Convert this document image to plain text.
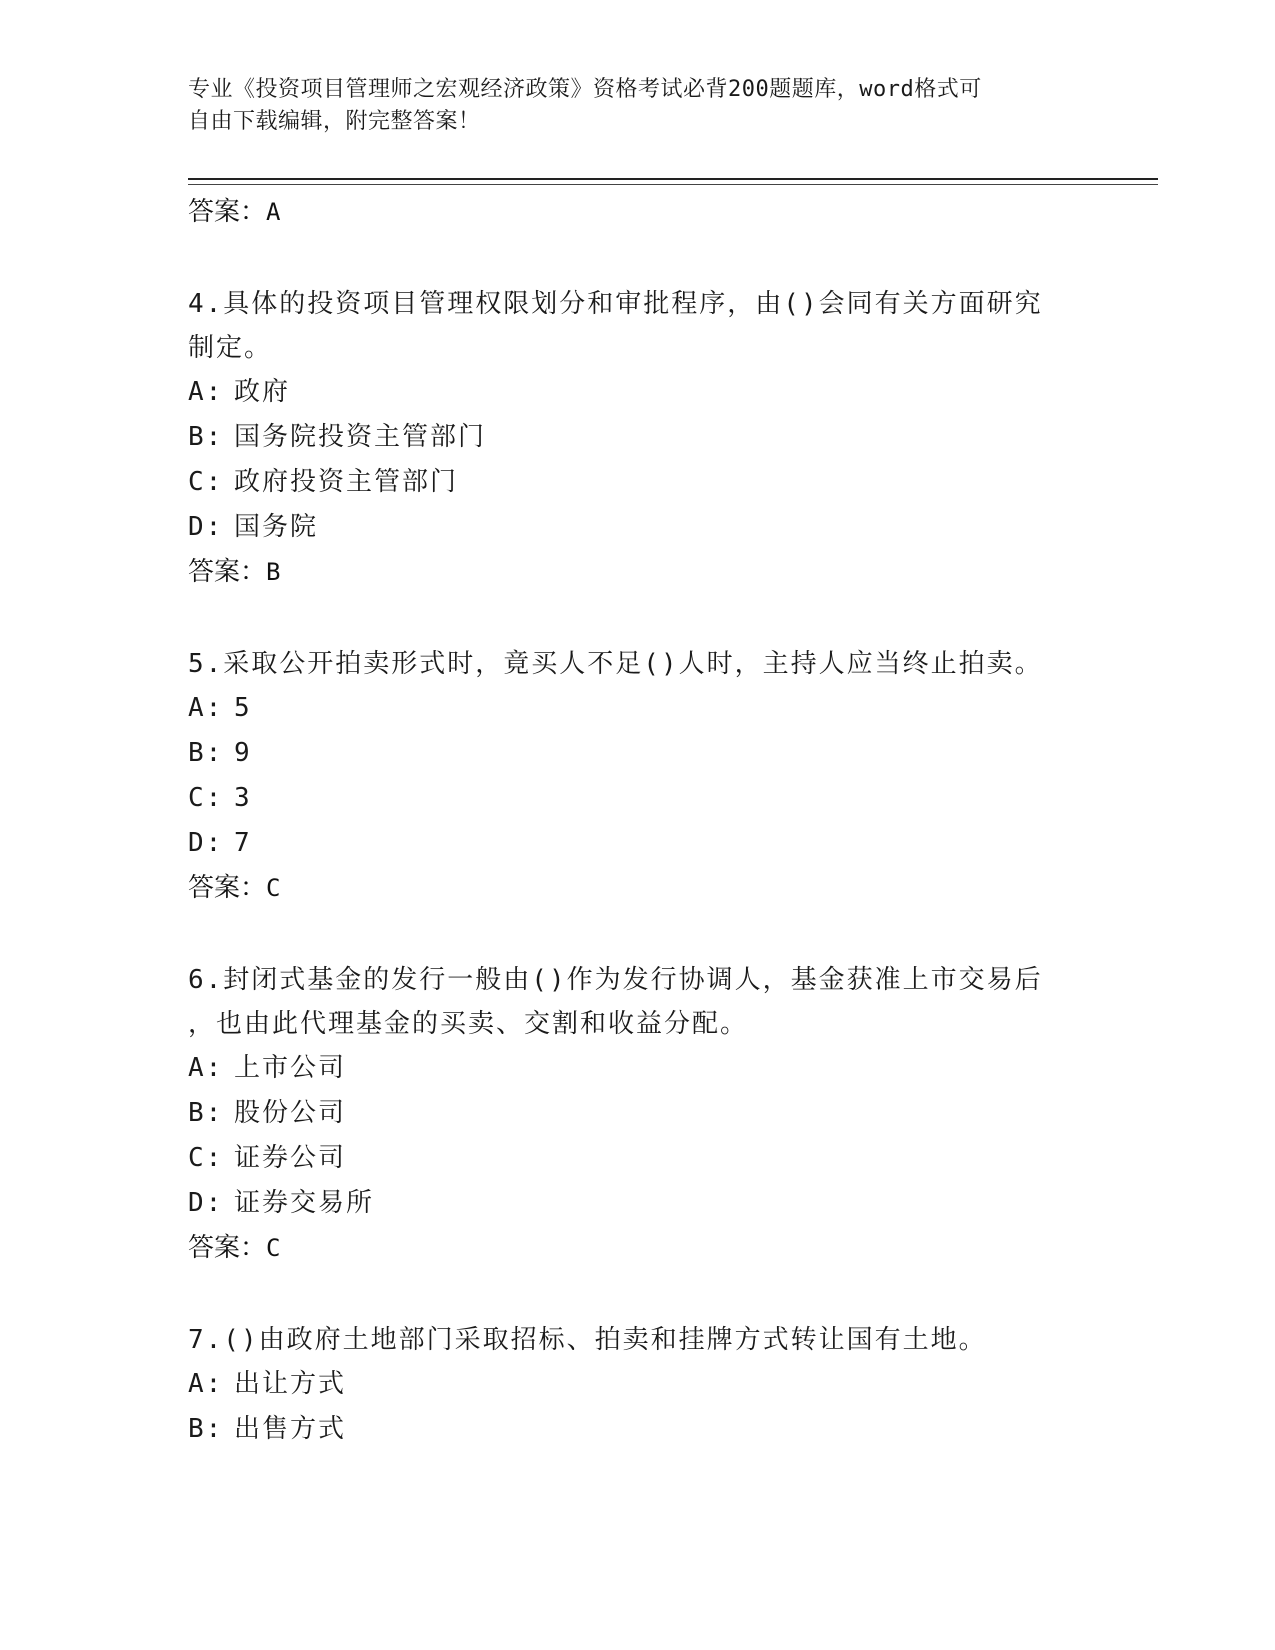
专业《投资项目管理师之宏观经济政策》资格考试必背200题题库，word格式可
自由下载编辑，附完整答案！
答案：A
4.具体的投资项目管理权限划分和审批程序，由()会同有关方面研究
制定。
A: 政府
B: 国务院投资主管部门
C: 政府投资主管部门
D: 国务院
答案：B
5.采取公开拍卖形式时，竟买人不足()人时，主持人应当终止拍卖。
A: 5
B: 9
C: 3
D: 7
答案：C
6.封闭式基金的发行一般由()作为发行协调人，基金获准上市交易后
，也由此代理基金的买卖、交割和收益分配。
A: 上市公司
B: 股份公司
C: 证券公司
D: 证券交易所
答案：C
7.()由政府土地部门采取招标、拍卖和挂牌方式转让国有土地。
A: 出让方式
B: 出售方式
